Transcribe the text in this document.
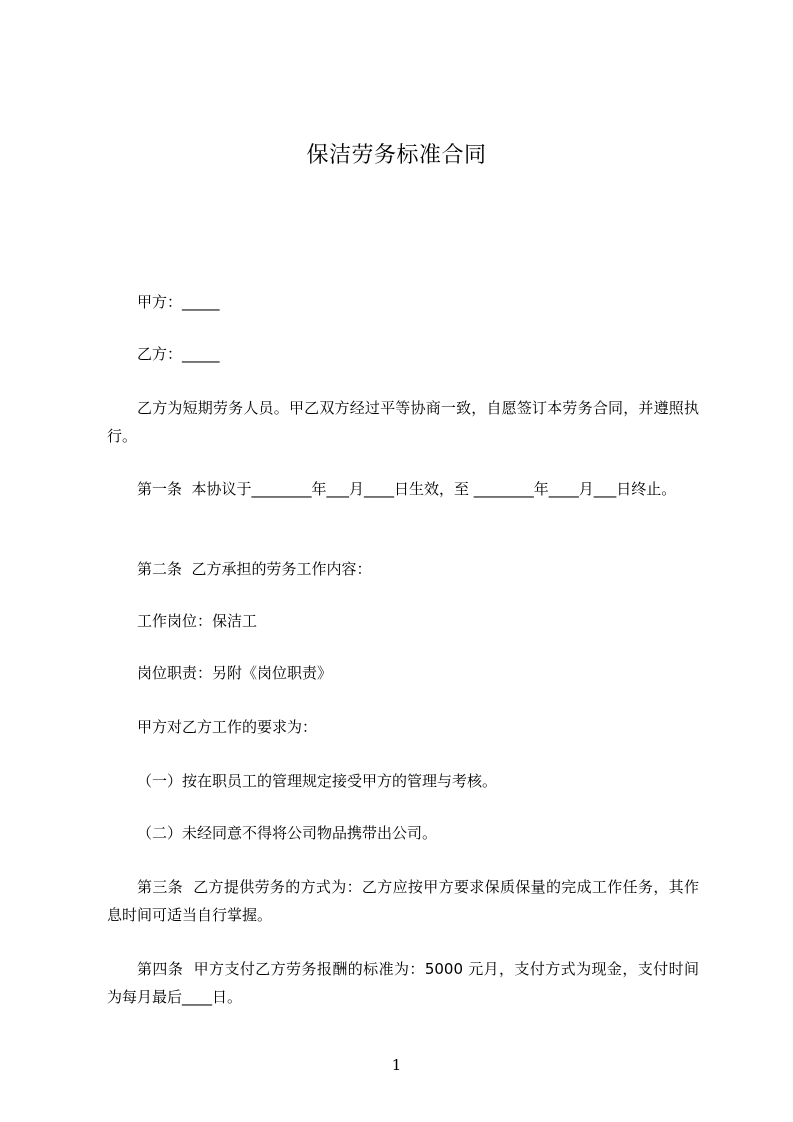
保洁劳务标准合同

甲方：_____

乙方：_____

乙方为短期劳务人员。甲乙双方经过平等协商一致，自愿签订本劳务合同，并遵照执行。

第一条  本协议于________年___月____日生效，至 ________年____月___日终止。

第二条  乙方承担的劳务工作内容：

工作岗位：保洁工

岗位职责：另附《岗位职责》

甲方对乙方工作的要求为：

（一）按在职员工的管理规定接受甲方的管理与考核。

（二）未经同意不得将公司物品携带出公司。

第三条  乙方提供劳务的方式为：乙方应按甲方要求保质保量的完成工作任务，其作息时间可适当自行掌握。

第四条  甲方支付乙方劳务报酬的标准为：5000 元月，支付方式为现金，支付时间为每月最后____日。

1
